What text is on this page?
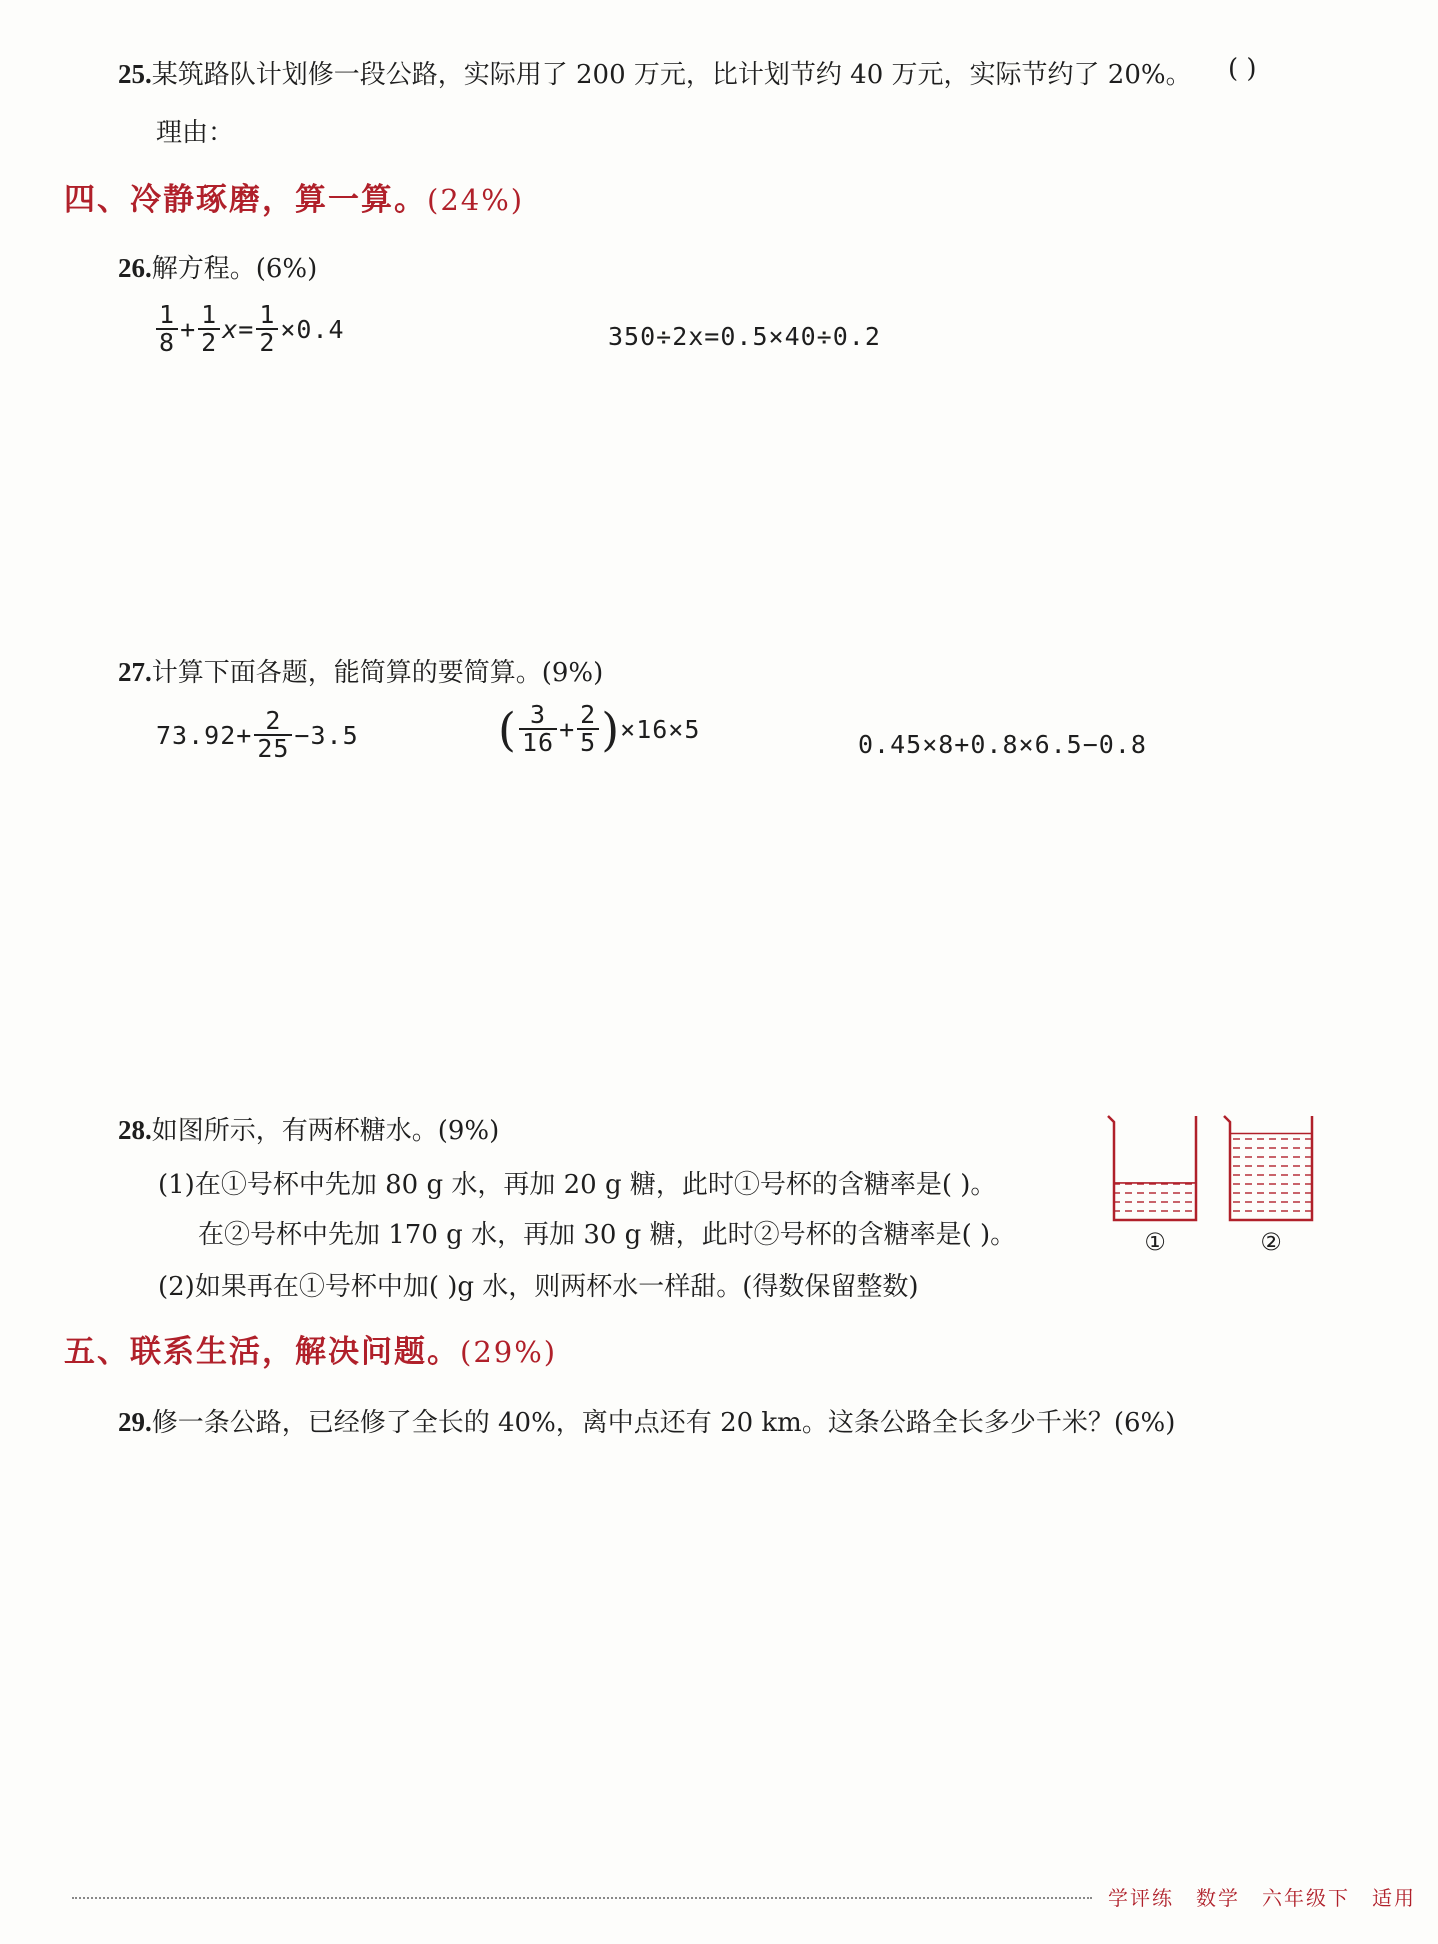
25.某筑路队计划修一段公路，实际用了 200 万元，比计划节约 40 万元，实际节约了 20%。 ( )
理由：
四、冷静琢磨，算一算。(24%)
26.解方程。(6%)
$\frac{1}{8} + \frac{1}{2} x= \frac{1}{2} \times 0.4$	350÷2x=0.5×40÷0.2
27.计算下面各题，能简算的要简算。(9%)
$73.92+ \frac{2}{25} -3.5$	( $\frac{3}{16} + \frac{2}{5} )\times 16\times 5$
0.45×8+0.8×6.5−0.8
28.如图所示，有两杯糖水。(9%)
(1)在①号杯中先加 80 g 水，再加 20 g 糖，此时①号杯的含糖率是( )。
在②号杯中先加 170 g 水，再加 30 g 糖，此时②号杯的含糖率是( )。
(2)如果再在①号杯中加( )g 水，则两杯水一样甜。(得数保留整数)
①	②
五、联系生活，解决问题。(29%)
29.修一条公路，已经修了全长的 40%，离中点还有 20 km。这条公路全长多少千米？(6%)
学评练 数学 六年级下 适用
